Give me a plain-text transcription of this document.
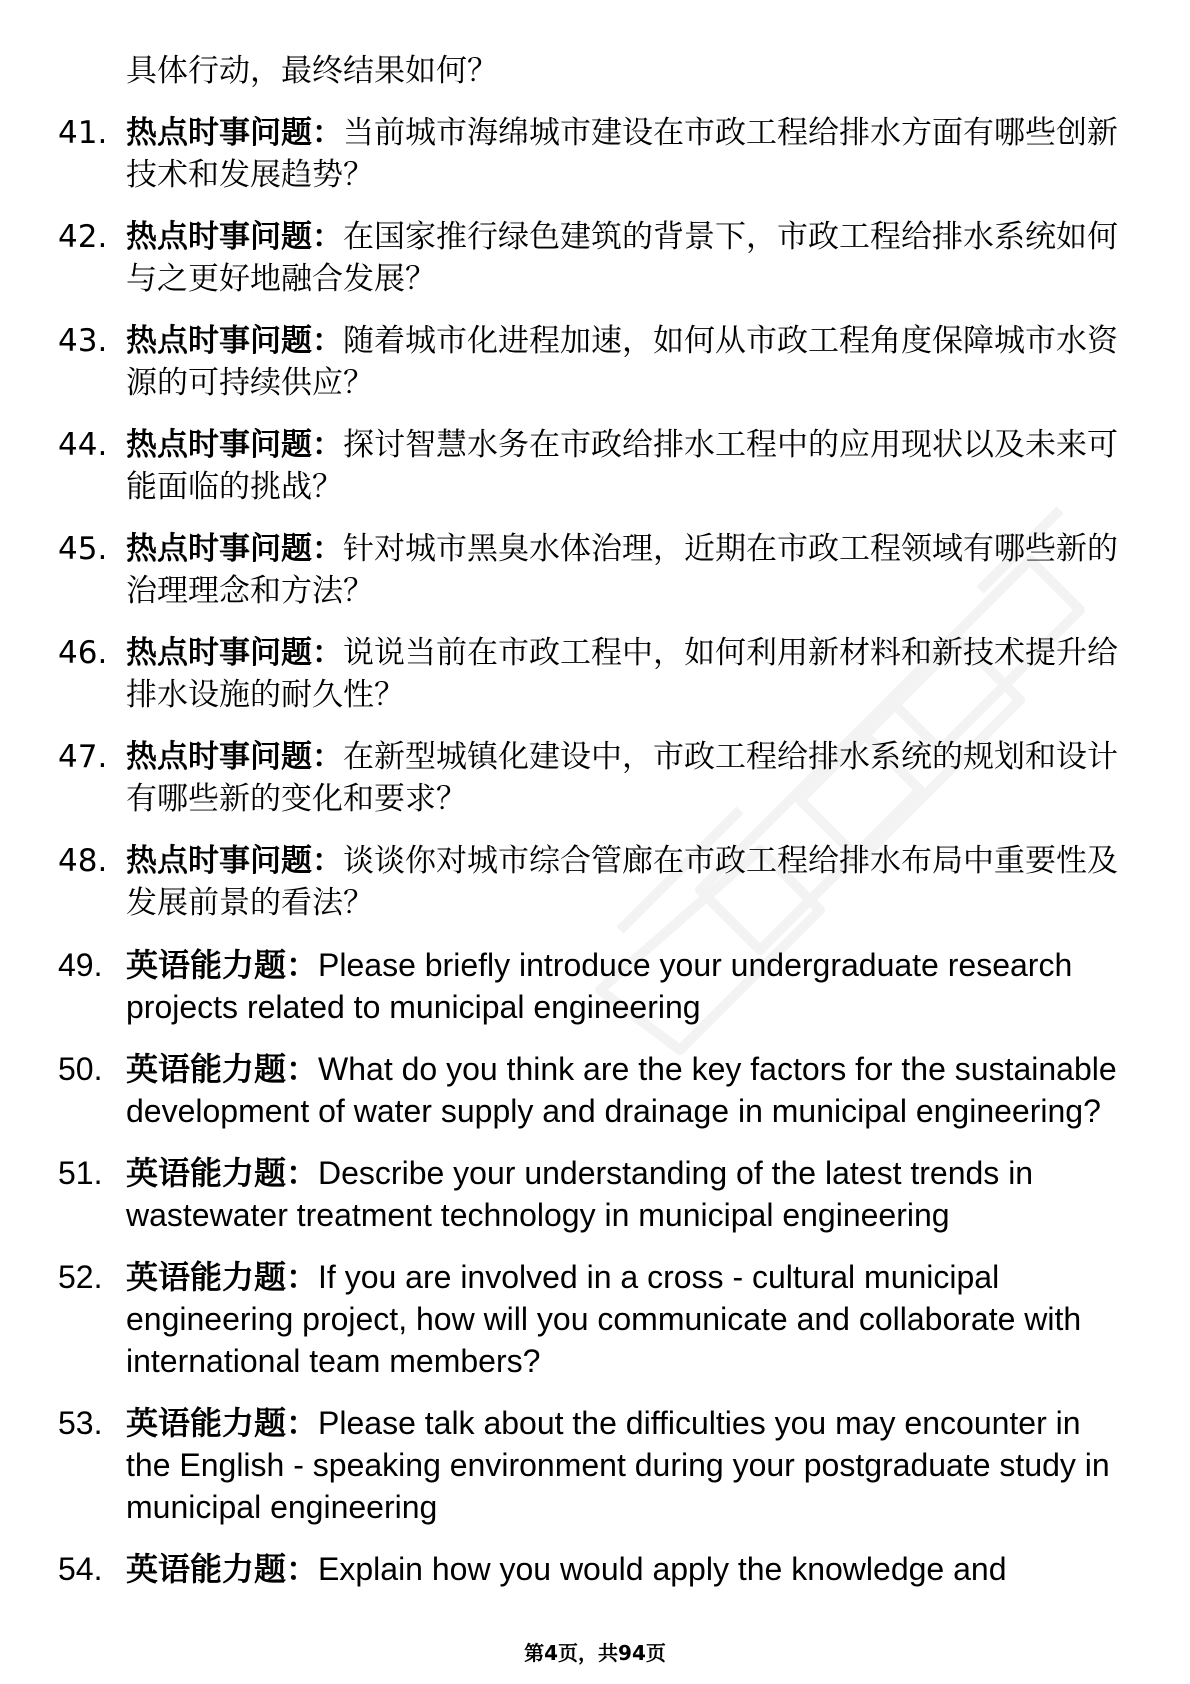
具体行动，最终结果如何？
41. 热点时事问题：当前城市海绵城市建设在市政工程给排水方面有哪些创新技术和发展趋势？
42. 热点时事问题：在国家推行绿色建筑的背景下，市政工程给排水系统如何与之更好地融合发展？
43. 热点时事问题：随着城市化进程加速，如何从市政工程角度保障城市水资源的可持续供应？
44. 热点时事问题：探讨智慧水务在市政给排水工程中的应用现状以及未来可能面临的挑战？
45. 热点时事问题：针对城市黑臭水体治理，近期在市政工程领域有哪些新的治理理念和方法？
46. 热点时事问题：说说当前在市政工程中，如何利用新材料和新技术提升给排水设施的耐久性？
47. 热点时事问题：在新型城镇化建设中，市政工程给排水系统的规划和设计有哪些新的变化和要求？
48. 热点时事问题：谈谈你对城市综合管廊在市政工程给排水布局中重要性及发展前景的看法？
49. 英语能力题：Please briefly introduce your undergraduate research projects related to municipal engineering
50. 英语能力题：What do you think are the key factors for the sustainable development of water supply and drainage in municipal engineering?
51. 英语能力题：Describe your understanding of the latest trends in wastewater treatment technology in municipal engineering
52. 英语能力题：If you are involved in a cross - cultural municipal engineering project, how will you communicate and collaborate with international team members?
53. 英语能力题：Please talk about the difficulties you may encounter in the English - speaking environment during your postgraduate study in municipal engineering
54. 英语能力题：Explain how you would apply the knowledge and
第4页，共94页
